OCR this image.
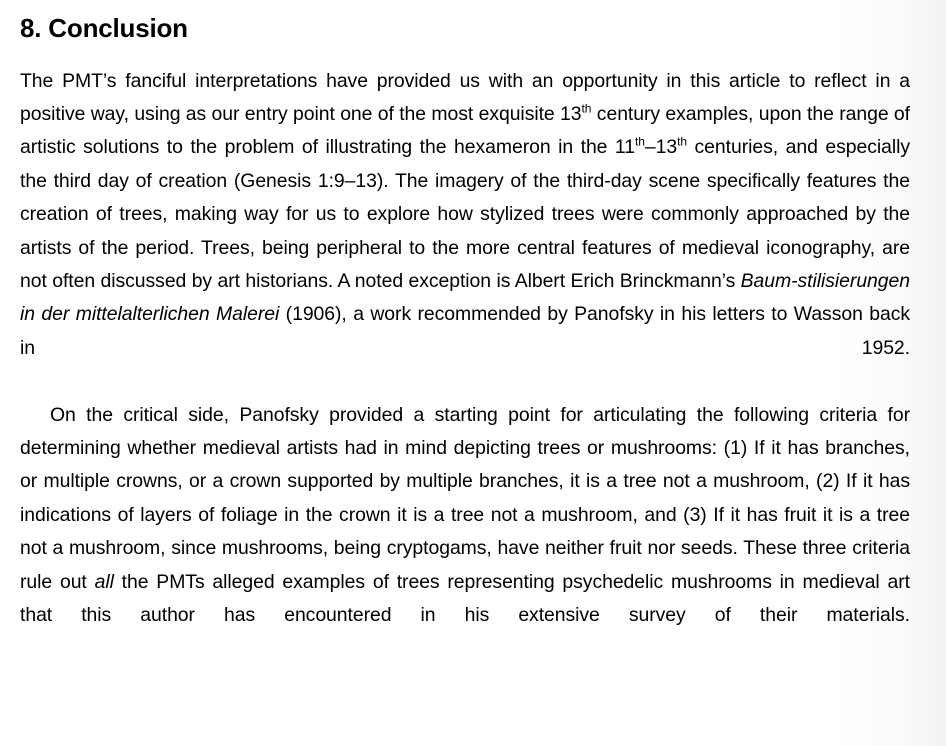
8. Conclusion

The PMT’s fanciful interpretations have provided us with an opportunity in this article to reflect in a positive way, using as our entry point one of the most exquisite 13th century examples, upon the range of artistic solutions to the problem of illustrating the hexameron in the 11th–13th centuries, and especially the third day of creation (Genesis 1:9–13). The imagery of the third-day scene specifically features the creation of trees, making way for us to explore how stylized trees were commonly approached by the artists of the period. Trees, being peripheral to the more central features of medieval iconography, are not often discussed by art historians. A noted exception is Albert Erich Brinckmann’s Baum-stilisierungen in der mittelalterlichen Malerei (1906), a work recommended by Panofsky in his letters to Wasson back in 1952.

On the critical side, Panofsky provided a starting point for articulating the following criteria for determining whether medieval artists had in mind depicting trees or mushrooms: (1) If it has branches, or multiple crowns, or a crown supported by multiple branches, it is a tree not a mushroom, (2) If it has indications of layers of foliage in the crown it is a tree not a mushroom, and (3) If it has fruit it is a tree not a mushroom, since mushrooms, being cryptogams, have neither fruit nor seeds. These three criteria rule out all the PMTs alleged examples of trees representing psychedelic mushrooms in medieval art that this author has encountered in his extensive survey of their materials.
